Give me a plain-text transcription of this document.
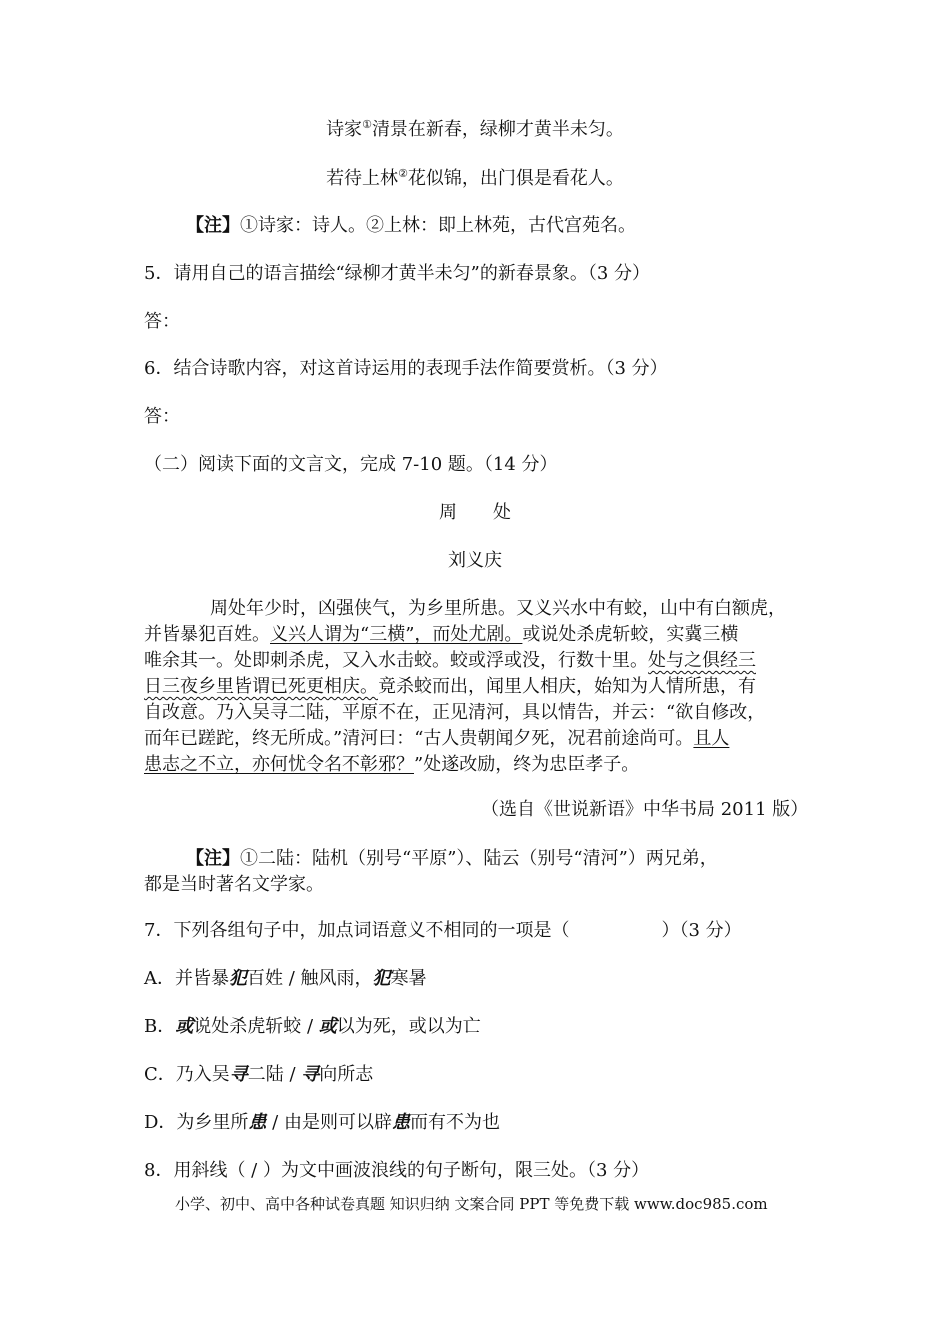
诗家①清景在新春，绿柳才黄半未匀。
若待上林②花似锦，出门俱是看花人。
【注】①诗家：诗人。②上林：即上林苑，古代宫苑名。
5．请用自己的语言描绘“绿柳才黄半未匀”的新春景象。（3 分）
答：
6．结合诗歌内容，对这首诗运用的表现手法作简要赏析。（3 分）
答：
（二）阅读下面的文言文，完成 7-10 题。（14 分）
周　　处
刘义庆
周处年少时，凶强侠气，为乡里所患。又义兴水中有蛟，山中有白额虎，
并皆暴犯百姓。义兴人谓为“三横”，而处尤剧。或说处杀虎斩蛟，实冀三横
唯余其一。处即刺杀虎，又入水击蛟。蛟或浮或没，行数十里。处与之俱经三
日三夜乡里皆谓已死更相庆。竟杀蛟而出，闻里人相庆，始知为人情所患，有
自改意。乃入吴寻二陆，平原不在，正见清河，具以情告，并云：“欲自修改，
而年已蹉跎，终无所成。”清河曰：“古人贵朝闻夕死，况君前途尚可。且人
患志之不立，亦何忧令名不彰邪？”处遂改励，终为忠臣孝子。
（选自《世说新语》中华书局 2011 版）
【注】①二陆：陆机（别号“平原”）、陆云（别号“清河”）两兄弟，
都是当时著名文学家。
7．下列各组句子中，加点词语意义不相同的一项是（	）（3 分）
A．并皆暴犯百姓 / 触风雨，犯寒暑
B．或说处杀虎斩蛟 / 或以为死，或以为亡
C．乃入吴寻二陆 / 寻向所志
D．为乡里所患 / 由是则可以辟患而有不为也
8．用斜线（ / ）为文中画波浪线的句子断句，限三处。（3 分）
小学、初中、高中各种试卷真题 知识归纳 文案合同 PPT 等免费下载 www.doc985.com
